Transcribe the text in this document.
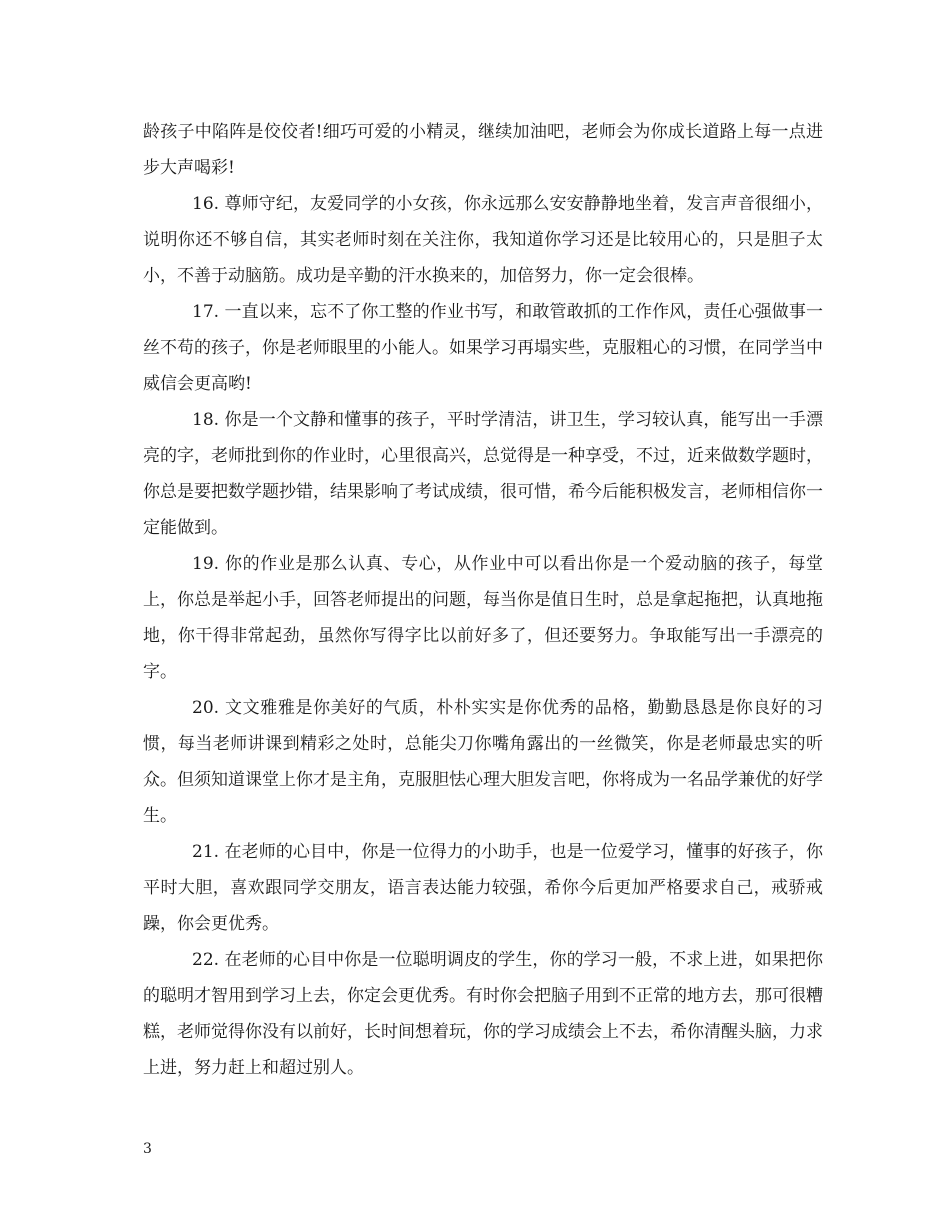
龄孩子中陷阵是佼佼者!细巧可爱的小精灵，继续加油吧，老师会为你成长道路上每一点进步大声喝彩!

16. 尊师守纪，友爱同学的小女孩，你永远那么安安静静地坐着，发言声音很细小，说明你还不够自信，其实老师时刻在关注你，我知道你学习还是比较用心的，只是胆子太小，不善于动脑筋。成功是辛勤的汗水换来的，加倍努力，你一定会很棒。

17. 一直以来，忘不了你工整的作业书写，和敢管敢抓的工作作风，责任心强做事一丝不苟的孩子，你是老师眼里的小能人。如果学习再塌实些，克服粗心的习惯，在同学当中威信会更高哟!

18. 你是一个文静和懂事的孩子，平时学清洁，讲卫生，学习较认真，能写出一手漂亮的字，老师批到你的作业时，心里很高兴，总觉得是一种享受，不过，近来做数学题时，你总是要把数学题抄错，结果影响了考试成绩，很可惜，希今后能积极发言，老师相信你一定能做到。

19. 你的作业是那么认真、专心，从作业中可以看出你是一个爱动脑的孩子，每堂上，你总是举起小手，回答老师提出的问题，每当你是值日生时，总是拿起拖把，认真地拖地，你干得非常起劲，虽然你写得字比以前好多了，但还要努力。争取能写出一手漂亮的字。

20. 文文雅雅是你美好的气质，朴朴实实是你优秀的品格，勤勤恳恳是你良好的习惯，每当老师讲课到精彩之处时，总能尖刀你嘴角露出的一丝微笑，你是老师最忠实的听众。但须知道课堂上你才是主角，克服胆怯心理大胆发言吧，你将成为一名品学兼优的好学生。

21. 在老师的心目中，你是一位得力的小助手，也是一位爱学习，懂事的好孩子，你平时大胆，喜欢跟同学交朋友，语言表达能力较强，希你今后更加严格要求自己，戒骄戒躁，你会更优秀。

22. 在老师的心目中你是一位聪明调皮的学生，你的学习一般，不求上进，如果把你的聪明才智用到学习上去，你定会更优秀。有时你会把脑子用到不正常的地方去，那可很糟糕，老师觉得你没有以前好，长时间想着玩，你的学习成绩会上不去，希你清醒头脑，力求上进，努力赶上和超过别人。

3
